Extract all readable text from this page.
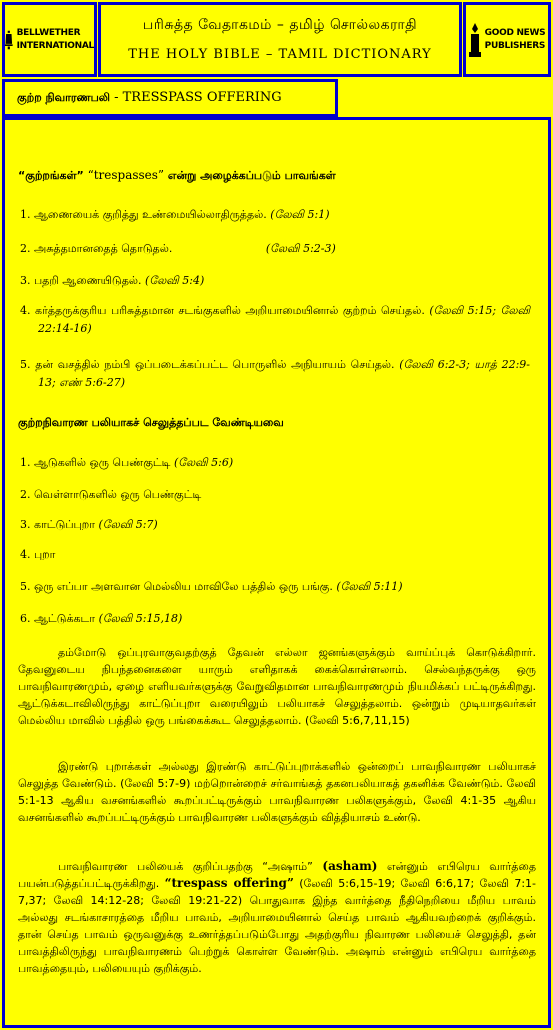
BELLWETHER
INTERNATIONAL
பரிசுத்த வேதாகமம் – தமிழ் சொல்லகராதி
THE HOLY BIBLE – TAMIL DICTIONARY
GOOD NEWS
PUBLISHERS
குற்ற நிவாரணபலி - TRESSPASS OFFERING
“குற்றங்கள்” “trespasses” என்று அழைக்கப்படும் பாவங்கள்
1. ஆணையைக் குறித்து உண்மையில்லாதிருத்தல். (லேவி 5:1)
2. அசுத்தமானதைத் தொடுதல்.	(லேவி 5:2-3)
3. பதறி ஆணையிடுதல். (லேவி 5:4)
4. கர்த்தருக்குரிய பரிசுத்தமான சடங்குகளில் அறியாமையினால் குற்றம் செய்தல். (லேவி 5:15; லேவி 22:14-16)
5. தன் வசத்தில் நம்பி ஒப்படைக்கப்பட்ட பொருளில் அநியாயம் செய்தல். (லேவி 6:2-3; யாத் 22:9-13; எண் 5:6-27)
குற்றநிவாரண பலியாகச் செலுத்தப்பட வேண்டியவை
1. ஆடுகளில் ஒரு பெண்குட்டி (லேவி 5:6)
2. வெள்ளாடுகளில் ஒரு பெண்குட்டி
3. காட்டுப்புறா (லேவி 5:7)
4. புறா
5. ஒரு எப்பா அளவான மெல்லிய மாவிலே பத்தில் ஒரு பங்கு. (லேவி 5:11)
6. ஆட்டுக்கடா (லேவி 5:15,18)
தம்மோடு ஒப்புரவாகுவதற்குத் தேவன் எல்லா ஜனங்களுக்கும் வாய்ப்புக் கொடுக்கிறார். தேவனுடைய நிபந்தனைகளை யாரும் எளிதாகக் கைக்கொள்ளலாம். செல்வந்தருக்கு ஒரு பாவநிவாரணமும், ஏழை எளியவர்களுக்கு வேறுவிதமான பாவநிவாரணமும் நியமிக்கப் பட்டிருக்கிறது. ஆட்டுக்கடாவிலிருந்து காட்டுப்புறா வரையிலும் பலியாகச் செலுத்தலாம். ஒன்றும் முடியாதவர்கள் மெல்லிய மாவில் பத்தில் ஒரு பங்கைக்கூட செலுத்தலாம். (லேவி 5:6,7,11,15)
இரண்டு புறாக்கள் அல்லது இரண்டு காட்டுப்புறாக்களில் ஒன்றைப் பாவநிவாரண பலியாகச் செலுத்த வேண்டும். (லேவி 5:7-9) மற்றொன்றைச் சர்வாங்கத் தகனபலியாகத் தகனிக்க வேண்டும். லேவி 5:1-13 ஆகிய வசனங்களில் கூறப்பட்டிருக்கும் பாவநிவாரண பலிகளுக்கும், லேவி 4:1-35 ஆகிய வசனங்களில் கூறப்பட்டிருக்கும் பாவநிவாரண பலிகளுக்கும் வித்தியாசம் உண்டு.
பாவநிவாரண பலியைக் குறிப்பதற்கு “அஷாம்” (asham) என்னும் எபிரெய வார்த்தை பயன்படுத்தப்பட்டிருக்கிறது. “trespass offering” (லேவி 5:6,15-19; லேவி 6:6,17; லேவி 7:1-7,37; லேவி 14:12-28; லேவி 19:21-22) பொதுவாக இந்த வார்த்தை நீதிநெறியை மீறிய பாவம் அல்லது சடங்காசாரத்தை மீறிய பாவம், அறியாமையினால் செய்த பாவம் ஆகியவற்றைக் குறிக்கும். தான் செய்த பாவம் ஒருவனுக்கு உணர்த்தப்படும்போது அதற்குரிய நிவாரண பலியைச் செலுத்தி, தன் பாவத்திலிருந்து பாவநிவாரணம் பெற்றுக் கொள்ள வேண்டும். அஷாம் என்னும் எபிரெய வார்த்தை பாவத்தையும், பலியையும் குறிக்கும்.
